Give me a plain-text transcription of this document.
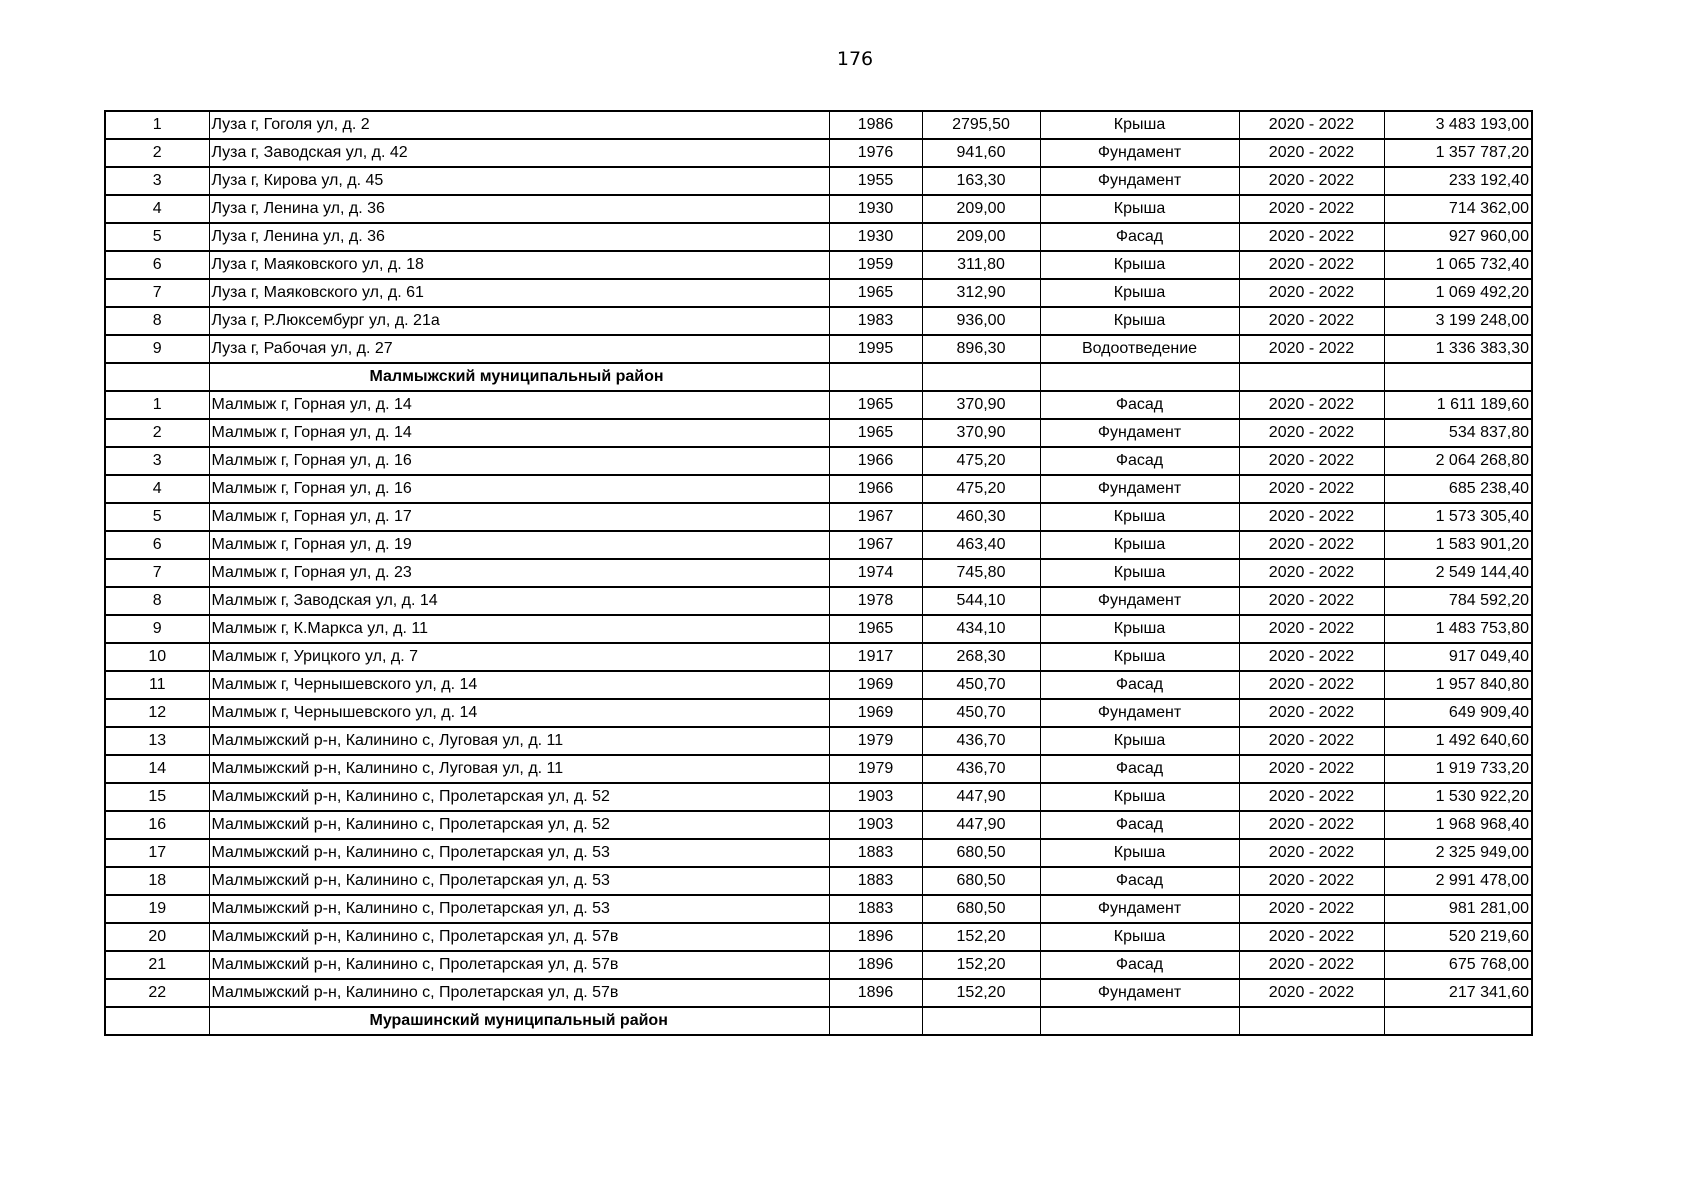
176
1	Луза г, Гоголя ул, д. 2	1986	2795,50	Крыша	2020 - 2022	3 483 193,00
2	Луза г, Заводская ул, д. 42	1976	941,60	Фундамент	2020 - 2022	1 357 787,20
3	Луза г, Кирова ул, д. 45	1955	163,30	Фундамент	2020 - 2022	233 192,40
4	Луза г, Ленина ул, д. 36	1930	209,00	Крыша	2020 - 2022	714 362,00
5	Луза г, Ленина ул, д. 36	1930	209,00	Фасад	2020 - 2022	927 960,00
6	Луза г, Маяковского ул, д. 18	1959	311,80	Крыша	2020 - 2022	1 065 732,40
7	Луза г, Маяковского ул, д. 61	1965	312,90	Крыша	2020 - 2022	1 069 492,20
8	Луза г, Р.Люксембург ул, д. 21а	1983	936,00	Крыша	2020 - 2022	3 199 248,00
9	Луза г, Рабочая ул, д. 27	1995	896,30	Водоотведение	2020 - 2022	1 336 383,30
	Малмыжский муниципальный район					
1	Малмыж г, Горная ул, д. 14	1965	370,90	Фасад	2020 - 2022	1 611 189,60
2	Малмыж г, Горная ул, д. 14	1965	370,90	Фундамент	2020 - 2022	534 837,80
3	Малмыж г, Горная ул, д. 16	1966	475,20	Фасад	2020 - 2022	2 064 268,80
4	Малмыж г, Горная ул, д. 16	1966	475,20	Фундамент	2020 - 2022	685 238,40
5	Малмыж г, Горная ул, д. 17	1967	460,30	Крыша	2020 - 2022	1 573 305,40
6	Малмыж г, Горная ул, д. 19	1967	463,40	Крыша	2020 - 2022	1 583 901,20
7	Малмыж г, Горная ул, д. 23	1974	745,80	Крыша	2020 - 2022	2 549 144,40
8	Малмыж г, Заводская ул, д. 14	1978	544,10	Фундамент	2020 - 2022	784 592,20
9	Малмыж г, К.Маркса ул, д. 11	1965	434,10	Крыша	2020 - 2022	1 483 753,80
10	Малмыж г, Урицкого ул, д. 7	1917	268,30	Крыша	2020 - 2022	917 049,40
11	Малмыж г, Чернышевского ул, д. 14	1969	450,70	Фасад	2020 - 2022	1 957 840,80
12	Малмыж г, Чернышевского ул, д. 14	1969	450,70	Фундамент	2020 - 2022	649 909,40
13	Малмыжский р-н, Калинино с, Луговая ул, д. 11	1979	436,70	Крыша	2020 - 2022	1 492 640,60
14	Малмыжский р-н, Калинино с, Луговая ул, д. 11	1979	436,70	Фасад	2020 - 2022	1 919 733,20
15	Малмыжский р-н, Калинино с, Пролетарская ул, д. 52	1903	447,90	Крыша	2020 - 2022	1 530 922,20
16	Малмыжский р-н, Калинино с, Пролетарская ул, д. 52	1903	447,90	Фасад	2020 - 2022	1 968 968,40
17	Малмыжский р-н, Калинино с, Пролетарская ул, д. 53	1883	680,50	Крыша	2020 - 2022	2 325 949,00
18	Малмыжский р-н, Калинино с, Пролетарская ул, д. 53	1883	680,50	Фасад	2020 - 2022	2 991 478,00
19	Малмыжский р-н, Калинино с, Пролетарская ул, д. 53	1883	680,50	Фундамент	2020 - 2022	981 281,00
20	Малмыжский р-н, Калинино с, Пролетарская ул, д. 57в	1896	152,20	Крыша	2020 - 2022	520 219,60
21	Малмыжский р-н, Калинино с, Пролетарская ул, д. 57в	1896	152,20	Фасад	2020 - 2022	675 768,00
22	Малмыжский р-н, Калинино с, Пролетарская ул, д. 57в	1896	152,20	Фундамент	2020 - 2022	217 341,60
	Мурашинский муниципальный район					
